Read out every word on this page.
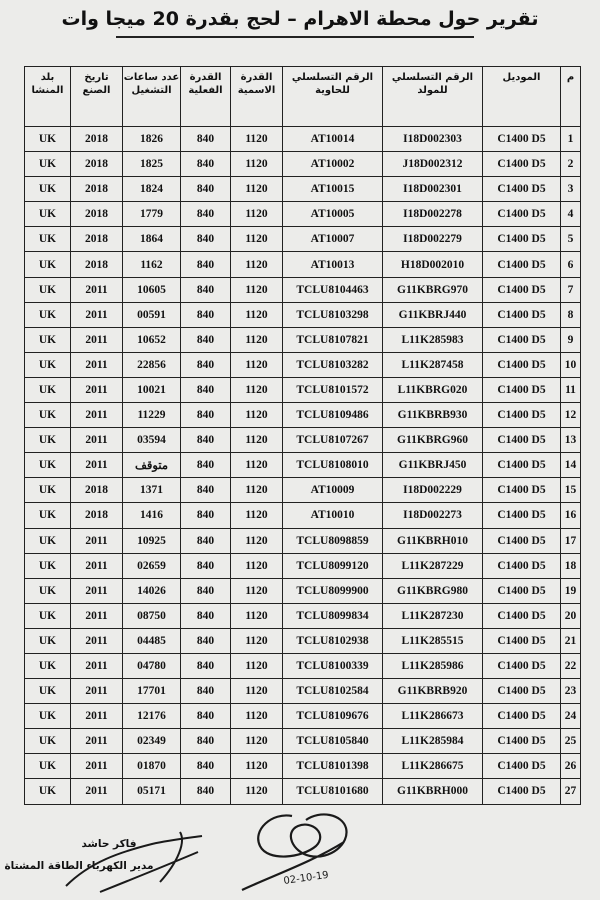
تقرير حول محطة الاهرام – لحج بقدرة 20 ميجا وات
م	الموديل	الرقم التسلسلي للمولد	الرقم التسلسلي للحاوية	القدرة الاسمية	القدرة الفعلية	عدد ساعات التشغيل	تاريخ الصنع	بلد المنشا
1	C1400 D5	I18D002303	AT10014	1120	840	1826	2018	UK
2	C1400 D5	J18D002312	AT10002	1120	840	1825	2018	UK
3	C1400 D5	I18D002301	AT10015	1120	840	1824	2018	UK
4	C1400 D5	I18D002278	AT10005	1120	840	1779	2018	UK
5	C1400 D5	I18D002279	AT10007	1120	840	1864	2018	UK
6	C1400 D5	H18D002010	AT10013	1120	840	1162	2018	UK
7	C1400 D5	G11KBRG970	TCLU8104463	1120	840	10605	2011	UK
8	C1400 D5	G11KBRJ440	TCLU8103298	1120	840	00591	2011	UK
9	C1400 D5	L11K285983	TCLU8107821	1120	840	10652	2011	UK
10	C1400 D5	L11K287458	TCLU8103282	1120	840	22856	2011	UK
11	C1400 D5	L11KBRG020	TCLU8101572	1120	840	10021	2011	UK
12	C1400 D5	G11KBRB930	TCLU8109486	1120	840	11229	2011	UK
13	C1400 D5	G11KBRG960	TCLU8107267	1120	840	03594	2011	UK
14	C1400 D5	G11KBRJ450	TCLU8108010	1120	840	متوقف	2011	UK
15	C1400 D5	I18D002229	AT10009	1120	840	1371	2018	UK
16	C1400 D5	I18D002273	AT10010	1120	840	1416	2018	UK
17	C1400 D5	G11KBRH010	TCLU8098859	1120	840	10925	2011	UK
18	C1400 D5	L11K287229	TCLU8099120	1120	840	02659	2011	UK
19	C1400 D5	G11KBRG980	TCLU8099900	1120	840	14026	2011	UK
20	C1400 D5	L11K287230	TCLU8099834	1120	840	08750	2011	UK
21	C1400 D5	L11K285515	TCLU8102938	1120	840	04485	2011	UK
22	C1400 D5	L11K285986	TCLU8100339	1120	840	04780	2011	UK
23	C1400 D5	G11KBRB920	TCLU8102584	1120	840	17701	2011	UK
24	C1400 D5	L11K286673	TCLU8109676	1120	840	12176	2011	UK
25	C1400 D5	L11K285984	TCLU8105840	1120	840	02349	2011	UK
26	C1400 D5	L11K286675	TCLU8101398	1120	840	01870	2011	UK
27	C1400 D5	G11KBRH000	TCLU8101680	1120	840	05171	2011	UK
فاكر حاشد
مدير الكهرباء الطاقة المشتاة
02-10-19
